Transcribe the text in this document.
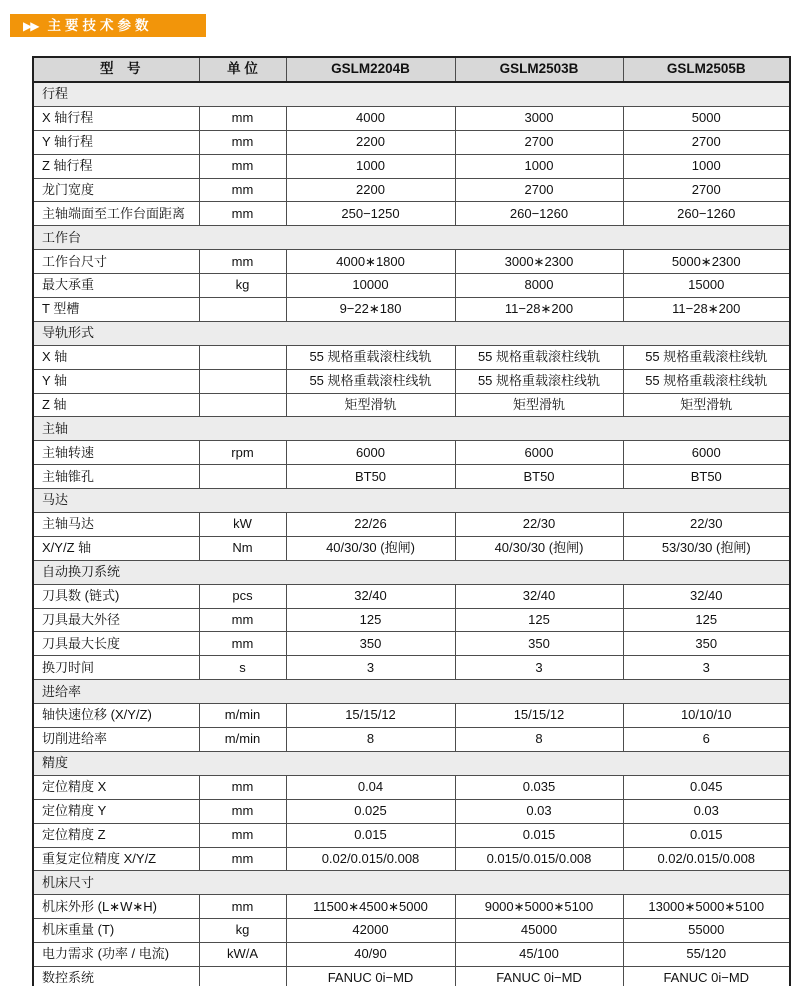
▶▶ 主要技术参数
型　号	单 位	GSLM2204B	GSLM2503B	GSLM2505B
行程				
X 轴行程	mm	4000	3000	5000
Y 轴行程	mm	2200	2700	2700
Z 轴行程	mm	1000	1000	1000
龙门宽度	mm	2200	2700	2700
主轴端面至工作台面距离	mm	250−1250	260−1260	260−1260
工作台				
工作台尺寸	mm	4000∗1800	3000∗2300	5000∗2300
最大承重	kg	10000	8000	15000
T 型槽		9−22∗180	11−28∗200	11−28∗200
导轨形式				
X 轴		55 规格重载滚柱线轨	55 规格重载滚柱线轨	55 规格重载滚柱线轨
Y 轴		55 规格重载滚柱线轨	55 规格重载滚柱线轨	55 规格重载滚柱线轨
Z 轴		矩型滑轨	矩型滑轨	矩型滑轨
主轴				
主轴转速	rpm	6000	6000	6000
主轴锥孔		BT50	BT50	BT50
马达				
主轴马达	kW	22/26	22/30	22/30
X/Y/Z 轴	Nm	40/30/30 (抱闸)	40/30/30 (抱闸)	53/30/30 (抱闸)
自动换刀系统				
刀具数 (链式)	pcs	32/40	32/40	32/40
刀具最大外径	mm	125	125	125
刀具最大长度	mm	350	350	350
换刀时间	s	3	3	3
进给率				
轴快速位移 (X/Y/Z)	m/min	15/15/12	15/15/12	10/10/10
切削进给率	m/min	8	8	6
精度				
定位精度 X	mm	0.04	0.035	0.045
定位精度 Y	mm	0.025	0.03	0.03
定位精度 Z	mm	0.015	0.015	0.015
重复定位精度 X/Y/Z	mm	0.02/0.015/0.008	0.015/0.015/0.008	0.02/0.015/0.008
机床尺寸				
机床外形 (L∗W∗H)	mm	11500∗4500∗5000	9000∗5000∗5100	13000∗5000∗5100
机床重量 (T)	kg	42000	45000	55000
电力需求 (功率 / 电流)	kW/A	40/90	45/100	55/120
数控系统		FANUC 0i−MD	FANUC 0i−MD	FANUC 0i−MD
